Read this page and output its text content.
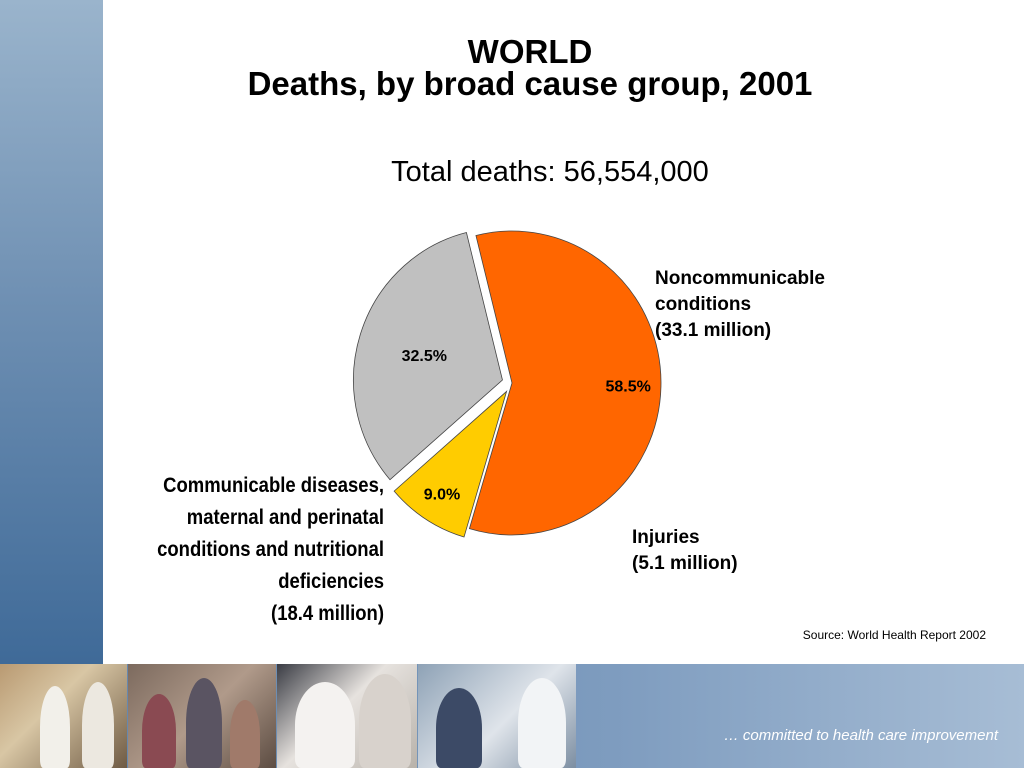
WORLD
Deaths, by broad cause group, 2001
Total deaths: 56,554,000
58.5%
9.0%
32.5%
Noncommunicable
conditions
(33.1 million)
Injuries
(5.1 million)
Communicable diseases,
maternal and perinatal
conditions and nutritional
deficiencies
(18.4 million)
Source: World Health Report 2002
… committed to health care improvement
